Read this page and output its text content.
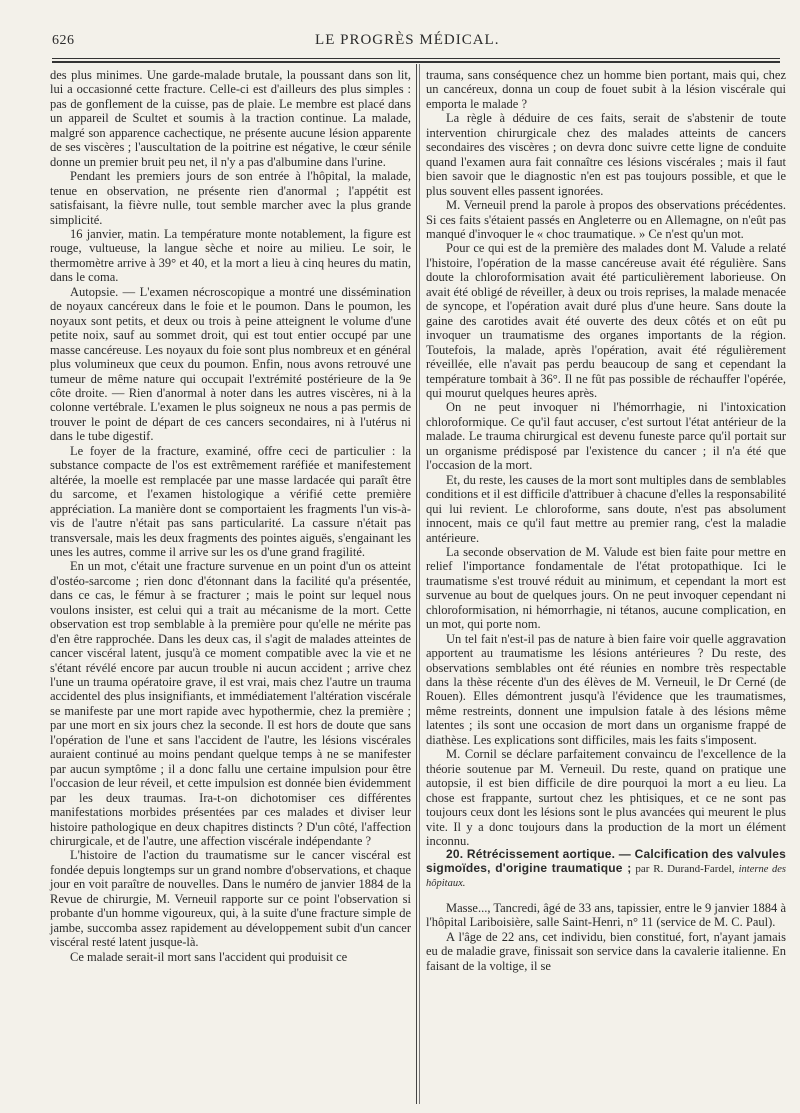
626	LE PROGRÈS MÉDICAL.

des plus minimes. Une garde-malade brutale, la poussant dans son lit, lui a occasionné cette fracture. Celle-ci est d'ailleurs des plus simples : pas de gonflement de la cuisse, pas de plaie. Le membre est placé dans un appareil de Scultet et soumis à la traction continue. La malade, malgré son apparence cachectique, ne présente aucune lésion apparente de ses viscères ; l'auscultation de la poitrine est négative, le cœur sénile donne un premier bruit peu net, il n'y a pas d'albumine dans l'urine.

Pendant les premiers jours de son entrée à l'hôpital, la malade, tenue en observation, ne présente rien d'anormal ; l'appétit est satisfaisant, la fièvre nulle, tout semble marcher avec la plus grande simplicité.

16 janvier, matin. La température monte notablement, la figure est rouge, vultueuse, la langue sèche et noire au milieu. Le soir, le thermomètre arrive à 39° et 40, et la mort a lieu à cinq heures du matin, dans le coma.

Autopsie. — L'examen nécroscopique a montré une dissémination de noyaux cancéreux dans le foie et le poumon. Dans le poumon, les noyaux sont petits, et deux ou trois à peine atteignent le volume d'une petite noix, sauf au sommet droit, qui est tout entier occupé par une masse cancéreuse. Les noyaux du foie sont plus nombreux et en général plus volumineux que ceux du poumon. Enfin, nous avons retrouvé une tumeur de même nature qui occupait l'extrémité postérieure de la 9e côte droite. — Rien d'anormal à noter dans les autres viscères, ni à la colonne vertébrale. L'examen le plus soigneux ne nous a pas permis de trouver le point de départ de ces cancers secondaires, ni à l'utérus ni dans le tube digestif.

Le foyer de la fracture, examiné, offre ceci de particulier : la substance compacte de l'os est extrêmement raréfiée et manifestement altérée, la moelle est remplacée par une masse lardacée qui paraît être du sarcome, et l'examen histologique a vérifié cette première appréciation. La manière dont se comportaient les fragments l'un vis-à-vis de l'autre n'était pas sans particularité. La cassure n'était pas transversale, mais les deux fragments des pointes aiguës, s'engainant les unes les autres, comme il arrive sur les os d'une grand fragilité.

En un mot, c'était une fracture survenue en un point d'un os atteint d'ostéo-sarcome ; rien donc d'étonnant dans la facilité qu'a présentée, dans ce cas, le fémur à se fracturer ; mais le point sur lequel nous voulons insister, est celui qui a trait au mécanisme de la mort. Cette observation est trop semblable à la première pour qu'elle ne mérite pas d'en être rapprochée. Dans les deux cas, il s'agit de malades atteintes de cancer viscéral latent, jusqu'à ce moment compatible avec la vie et ne s'étant révélé encore par aucun trouble ni aucun accident ; arrive chez l'une un trauma opératoire grave, il est vrai, mais chez l'autre un trauma accidentel des plus insignifiants, et immédiatement l'altération viscérale se manifeste par une mort rapide avec hypothermie, chez la première ; par une mort en six jours chez la seconde. Il est hors de doute que sans l'opération de l'une et sans l'accident de l'autre, les lésions viscérales auraient continué au moins pendant quelque temps à ne se manifester par aucun symptôme ; il a donc fallu une certaine impulsion pour être l'occasion de leur réveil, et cette impulsion est donnée bien évidemment par les deux traumas. Ira-t-on dichotomiser ces différentes manifestations morbides présentées par ces malades et diviser leur histoire pathologique en deux chapitres distincts ? D'un côté, l'affection chirurgicale, et de l'autre, une affection viscérale indépendante ?

L'histoire de l'action du traumatisme sur le cancer viscéral est fondée depuis longtemps sur un grand nombre d'observations, et chaque jour en voit paraître de nouvelles. Dans le numéro de janvier 1884 de la Revue de chirurgie, M. Verneuil rapporte sur ce point l'observation si probante d'un homme vigoureux, qui, à la suite d'une fracture simple de jambe, succomba assez rapidement au développement subit d'un cancer viscéral resté latent jusque-là.

Ce malade serait-il mort sans l'accident qui produisit ce

trauma, sans conséquence chez un homme bien portant, mais qui, chez un cancéreux, donna un coup de fouet subit à la lésion viscérale qui emporta le malade ?

La règle à déduire de ces faits, serait de s'abstenir de toute intervention chirurgicale chez des malades atteints de cancers secondaires des viscères ; on devra donc suivre cette ligne de conduite quand l'examen aura fait connaître ces lésions viscérales ; mais il faut bien savoir que le diagnostic n'en est pas toujours possible, et que le plus souvent elles passent ignorées.

M. Verneuil prend la parole à propos des observations précédentes. Si ces faits s'étaient passés en Angleterre ou en Allemagne, on n'eût pas manqué d'invoquer le « choc traumatique. » Ce n'est qu'un mot.

Pour ce qui est de la première des malades dont M. Valude a relaté l'histoire, l'opération de la masse cancéreuse avait été régulière. Sans doute la chloroformisation avait été particulièrement laborieuse. On avait été obligé de réveiller, à deux ou trois reprises, la malade menacée de syncope, et l'opération avait duré plus d'une heure. Sans doute la gaine des carotides avait été ouverte des deux côtés et on eût pu invoquer un traumatisme des organes importants de la région. Toutefois, la malade, après l'opération, avait été régulièrement réveillée, elle n'avait pas perdu beaucoup de sang et cependant la température tombait à 36°. Il ne fût pas possible de réchauffer l'opérée, qui mourut quelques heures après.

On ne peut invoquer ni l'hémorrhagie, ni l'intoxication chloroformique. Ce qu'il faut accuser, c'est surtout l'état antérieur de la malade. Le trauma chirurgical est devenu funeste parce qu'il portait sur un organisme prédisposé par l'existence du cancer ; il n'a été que l'occasion de la mort.

Et, du reste, les causes de la mort sont multiples dans de semblables conditions et il est difficile d'attribuer à chacune d'elles la responsabilité qui lui revient. Le chloroforme, sans doute, n'est pas absolument innocent, mais ce qu'il faut mettre au premier rang, c'est la maladie antérieure.

La seconde observation de M. Valude est bien faite pour mettre en relief l'importance fondamentale de l'état protopathique. Ici le traumatisme s'est trouvé réduit au minimum, et cependant la mort est survenue au bout de quelques jours. On ne peut invoquer cependant ni chloroformisation, ni hémorrhagie, ni tétanos, aucune complication, en un mot, qui porte nom.

Un tel fait n'est-il pas de nature à bien faire voir quelle aggravation apportent au traumatisme les lésions antérieures ? Du reste, des observations semblables ont été réunies en nombre très respectable dans la thèse récente d'un des élèves de M. Verneuil, le Dr Cerné (de Rouen). Elles démontrent jusqu'à l'évidence que les traumatismes, même restreints, donnent une impulsion fatale à des lésions même latentes ; ils sont une occasion de mort dans un organisme frappé de diathèse. Les explications sont difficiles, mais les faits s'imposent.

M. Cornil se déclare parfaitement convaincu de l'excellence de la théorie soutenue par M. Verneuil. Du reste, quand on pratique une autopsie, il est bien difficile de dire pourquoi la mort a eu lieu. La chose est frappante, surtout chez les phtisiques, et ce ne sont pas toujours ceux dont les lésions sont le plus avancées qui meurent le plus vite. Il y a donc toujours dans la production de la mort un élément inconnu.

20. Rétrécissement aortique. — Calcification des valvules sigmoïdes, d'origine traumatique ; par R. Durand-Fardel, interne des hôpitaux.

Masse..., Tancredi, âgé de 33 ans, tapissier, entre le 9 janvier 1884 à l'hôpital Lariboisière, salle Saint-Henri, n° 11 (service de M. C. Paul).

A l'âge de 22 ans, cet individu, bien constitué, fort, n'ayant jamais eu de maladie grave, finissait son service dans la cavalerie italienne. En faisant de la voltige, il se
